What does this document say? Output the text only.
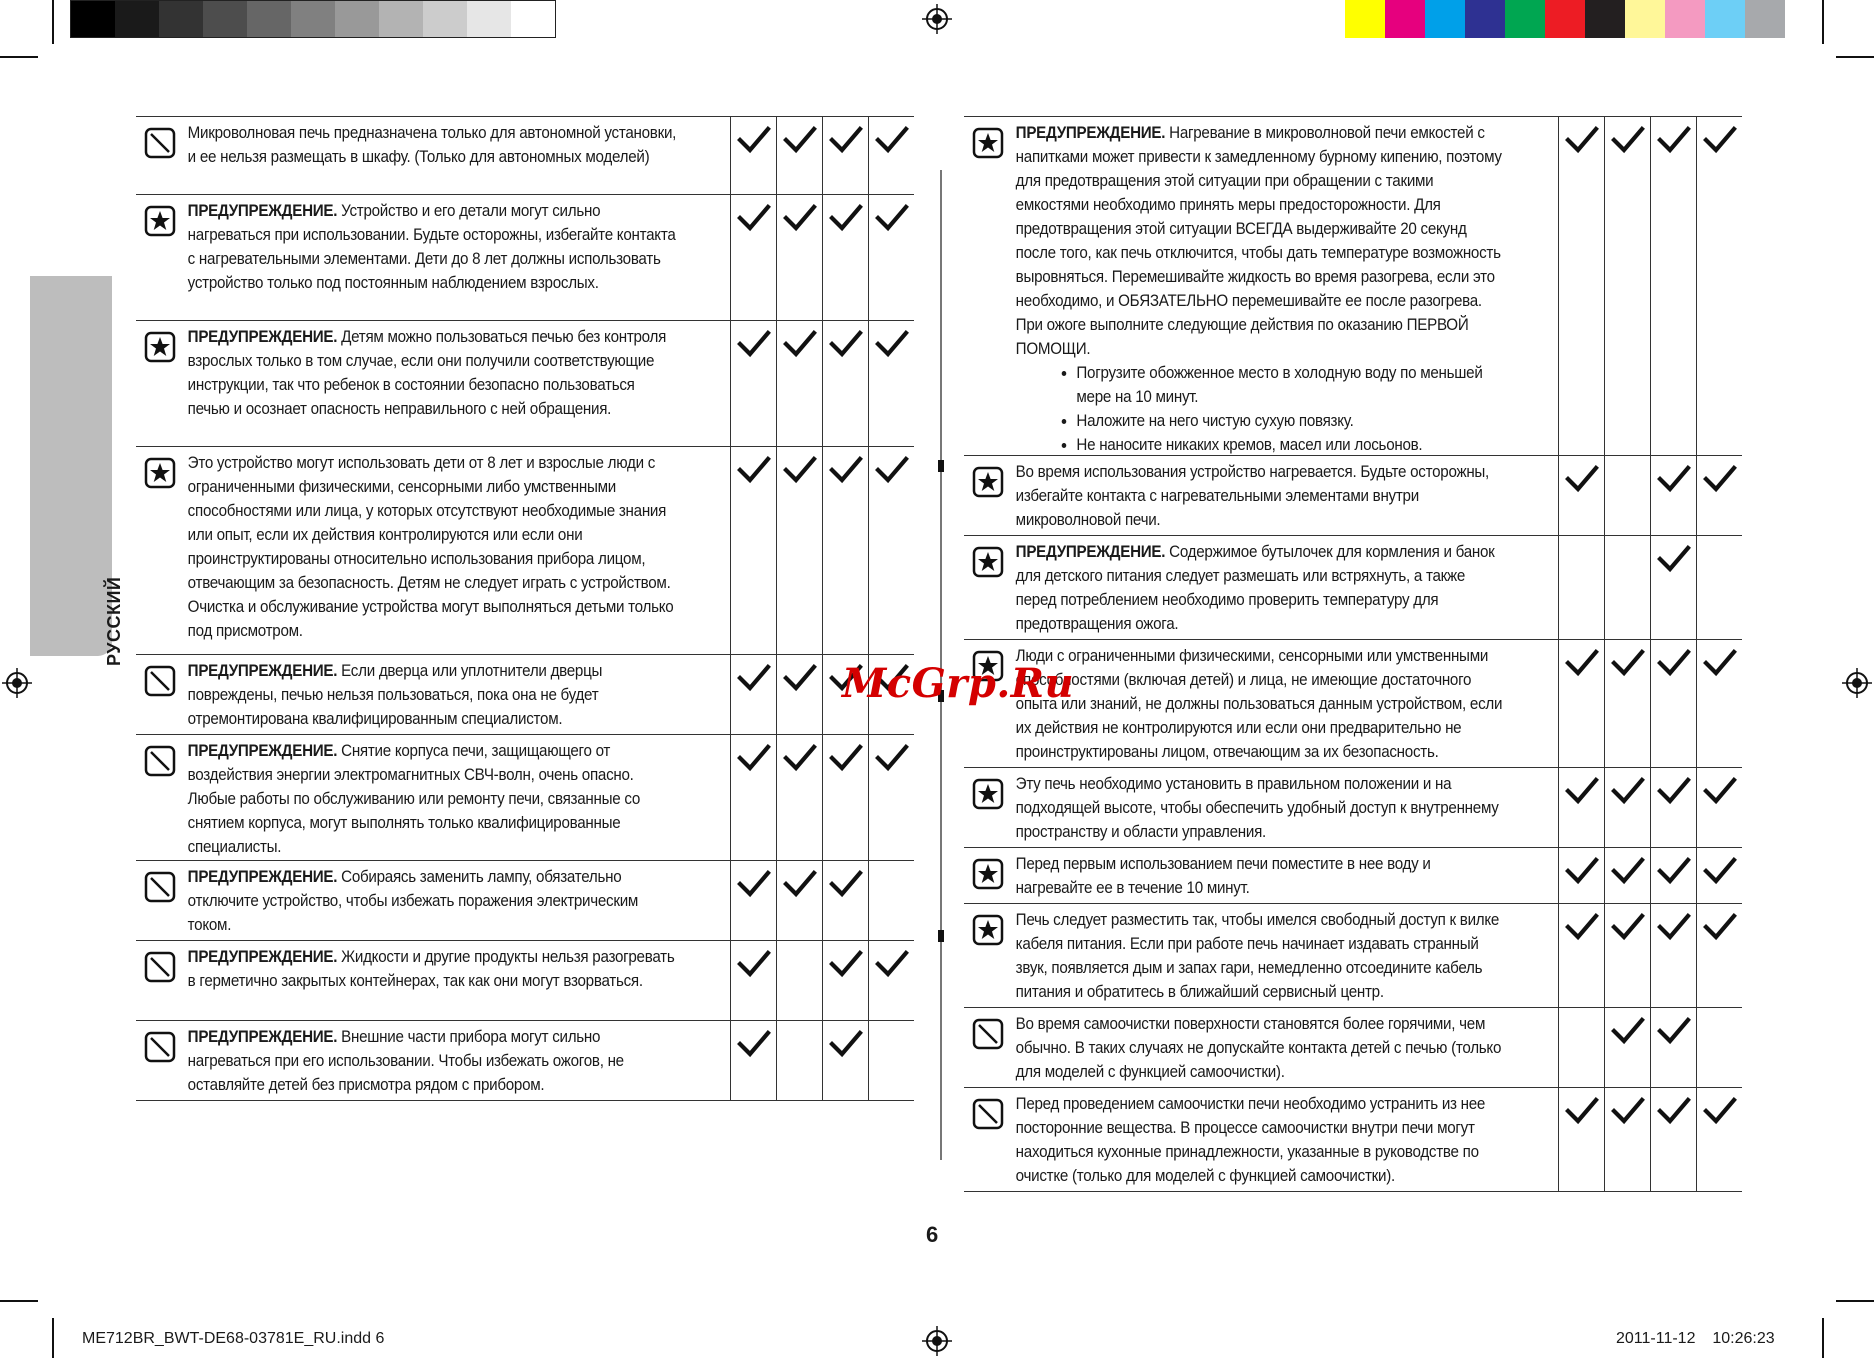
РУССКИЙ
Микроволновая печь предназначена только для автономной установки, и ее нельзя размещать в шкафу. (Только для автономных моделей)
ПРЕДУПРЕЖДЕНИЕ. Устройство и его детали могут сильно нагреваться при использовании. Будьте осторожны, избегайте контакта с нагревательными элементами. Дети до 8 лет должны использовать устройство только под постоянным наблюдением взрослых.
ПРЕДУПРЕЖДЕНИЕ. Детям можно пользоваться печью без контроля взрослых только в том случае, если они получили соответствующие инструкции, так что ребенок в состоянии безопасно пользоваться печью и осознает опасность неправильного с ней обращения.
Это устройство могут использовать дети от 8 лет и взрослые люди с ограниченными физическими, сенсорными либо умственными способностями или лица, у которых отсутствуют необходимые знания или опыт, если их действия контролируются или если они проинструктированы относительно использования прибора лицом, отвечающим за безопасность. Детям не следует играть с устройством. Очистка и обслуживание устройства могут выполняться детьми только под присмотром.
ПРЕДУПРЕЖДЕНИЕ. Если дверца или уплотнители дверцы повреждены, печью нельзя пользоваться, пока она не будет отремонтирована квалифицированным специалистом.
ПРЕДУПРЕЖДЕНИЕ. Снятие корпуса печи, защищающего от воздействия энергии электромагнитных СВЧ-волн, очень опасно. Любые работы по обслуживанию или ремонту печи, связанные со снятием корпуса, могут выполнять только квалифицированные специалисты.
ПРЕДУПРЕЖДЕНИЕ. Собираясь заменить лампу, обязательно отключите устройство, чтобы избежать поражения электрическим током.
ПРЕДУПРЕЖДЕНИЕ. Жидкости и другие продукты нельзя разогревать в герметично закрытых контейнерах, так как они могут взорваться.
ПРЕДУПРЕЖДЕНИЕ. Внешние части прибора могут сильно нагреваться при его использовании. Чтобы избежать ожогов, не оставляйте детей без присмотра рядом с прибором.
ПРЕДУПРЕЖДЕНИЕ. Нагревание в микроволновой печи емкостей с напитками может привести к замедленному бурному кипению, поэтому для предотвращения этой ситуации при обращении с такими емкостями необходимо принять меры предосторожности. Для предотвращения этой ситуации ВСЕГДА выдерживайте 20 секунд после того, как печь отключится, чтобы дать температуре возможность выровняться. Перемешивайте жидкость во время разогрева, если это необходимо, и ОБЯЗАТЕЛЬНО перемешивайте ее после разогрева. При ожоге выполните следующие действия по оказанию ПЕРВОЙ ПОМОЩИ.
• Погрузите обожженное место в холодную воду по меньшей мере на 10 минут.
• Наложите на него чистую сухую повязку.
• Не наносите никаких кремов, масел или лосьонов.
Во время использования устройство нагревается. Будьте осторожны, избегайте контакта с нагревательными элементами внутри микроволновой печи.
ПРЕДУПРЕЖДЕНИЕ. Содержимое бутылочек для кормления и банок для детского питания следует размешать или встряхнуть, а также перед потреблением необходимо проверить температуру для предотвращения ожога.
Люди с ограниченными физическими, сенсорными или умственными способностями (включая детей) и лица, не имеющие достаточного опыта или знаний, не должны пользоваться данным устройством, если их действия не контролируются или если они предварительно не проинструктированы лицом, отвечающим за их безопасность.
Эту печь необходимо установить в правильном положении и на подходящей высоте, чтобы обеспечить удобный доступ к внутреннему пространству и области управления.
Перед первым использованием печи поместите в нее воду и нагревайте ее в течение 10 минут.
Печь следует разместить так, чтобы имелся свободный доступ к вилке кабеля питания. Если при работе печь начинает издавать странный звук, появляется дым и запах гари, немедленно отсоедините кабель питания и обратитесь в ближайший сервисный центр.
Во время самоочистки поверхности становятся более горячими, чем обычно. В таких случаях не допускайте контакта детей с печью (только для моделей с функцией самоочистки).
Перед проведением самоочистки печи необходимо устранить из нее посторонние вещества. В процессе самоочистки внутри печи могут находиться кухонные принадлежности, указанные в руководстве по очистке (только для моделей с функцией самоочистки).
McGrp.Ru
6
ME712BR_BWT-DE68-03781E_RU.indd 6	2011-11-12   10:26:23
